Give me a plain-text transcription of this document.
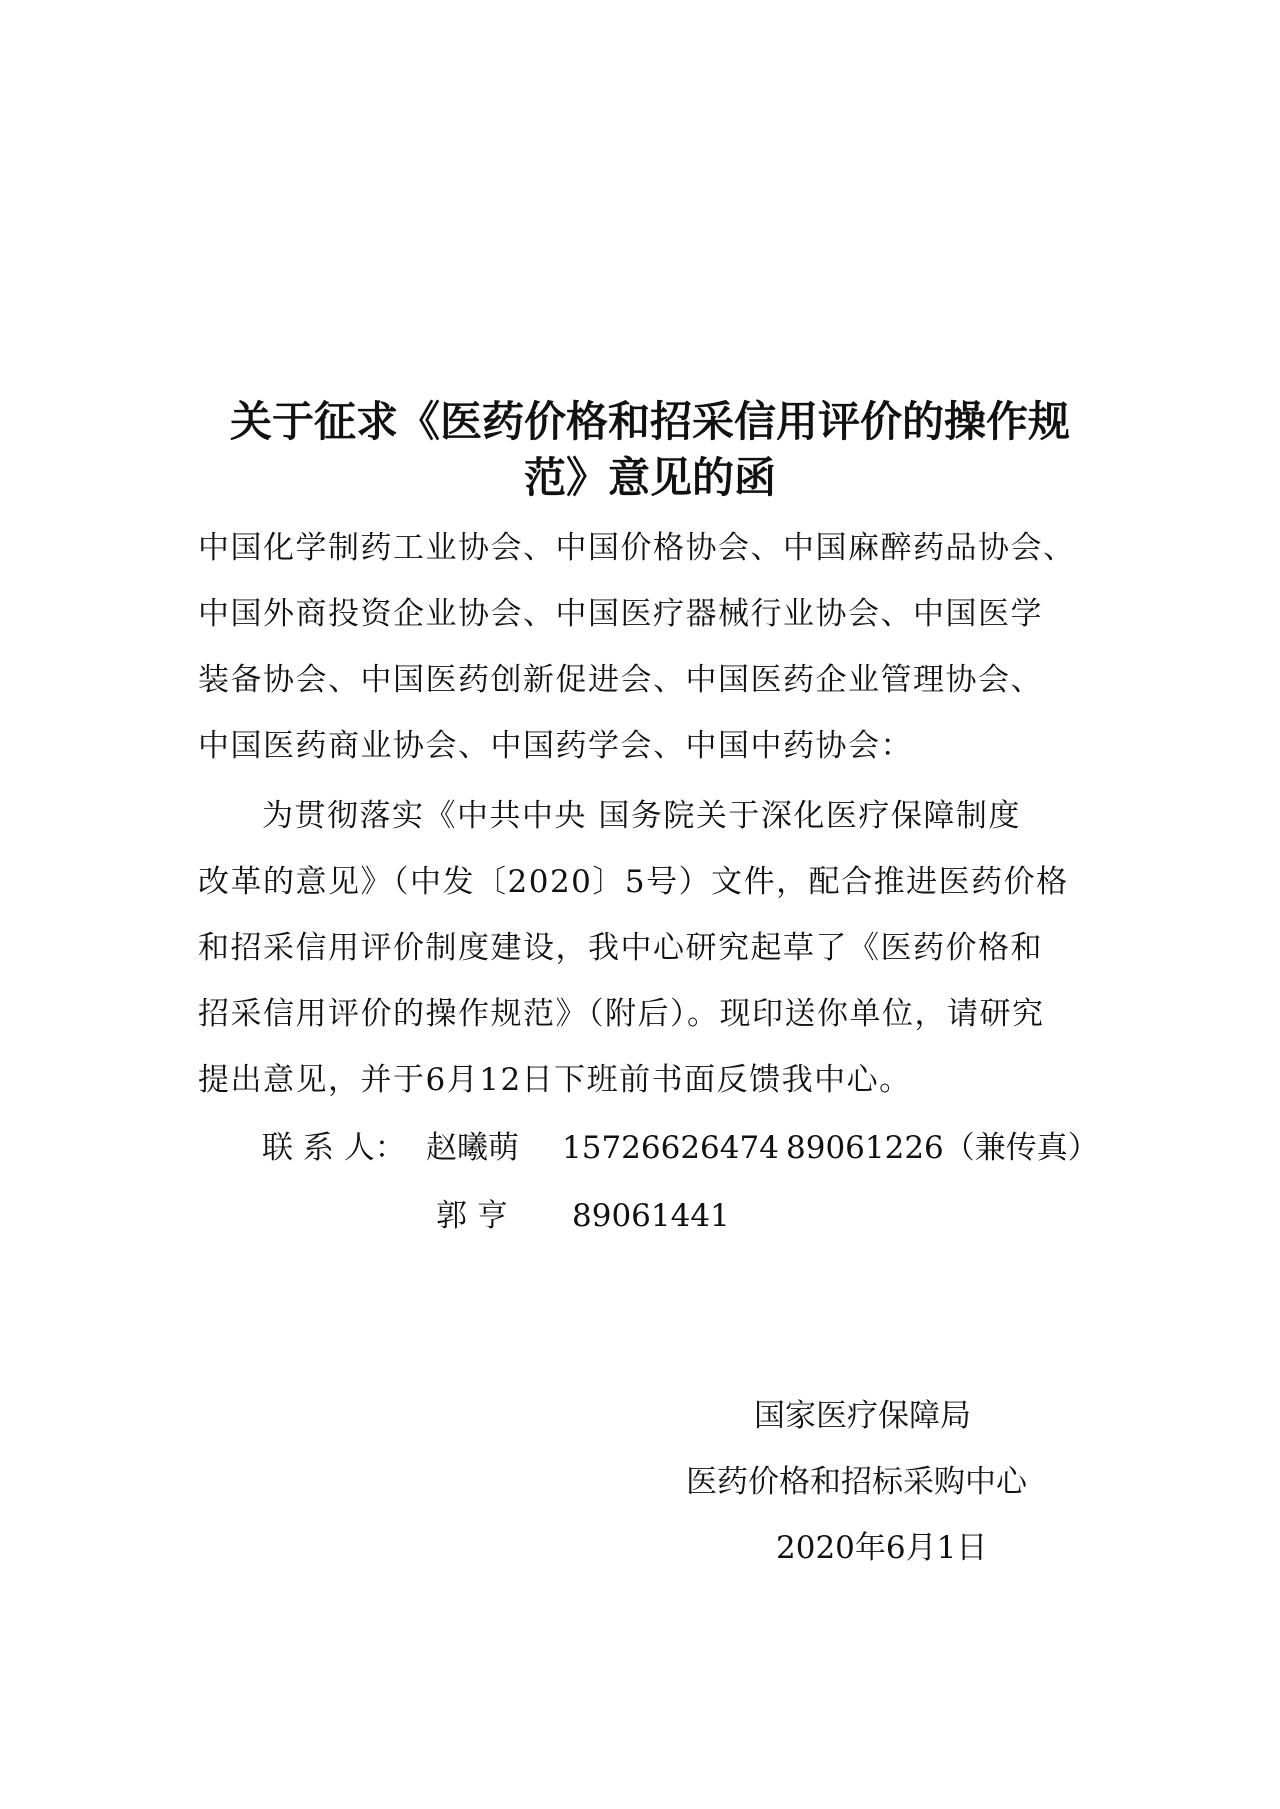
关于征求《医药价格和招采信用评价的操作规
范》意见的函
中国化学制药工业协会、中国价格协会、中国麻醉药品协会、
中国外商投资企业协会、中国医疗器械行业协会、中国医学
装备协会、中国医药创新促进会、中国医药企业管理协会、
中国医药商业协会、中国药学会、中国中药协会：
为贯彻落实《中共中央 国务院关于深化医疗保障制度
改革的意见》（中发〔2020〕5号）文件，配合推进医药价格
和招采信用评价制度建设，我中心研究起草了《医药价格和
招采信用评价的操作规范》（附后）。现印送你单位，请研究
提出意见，并于6月12日下班前书面反馈我中心。
联 系 人： 赵曦萌 15726626474 89061226（兼传真）
郭 亨 89061441
国家医疗保障局
医药价格和招标采购中心
2020年6月1日
